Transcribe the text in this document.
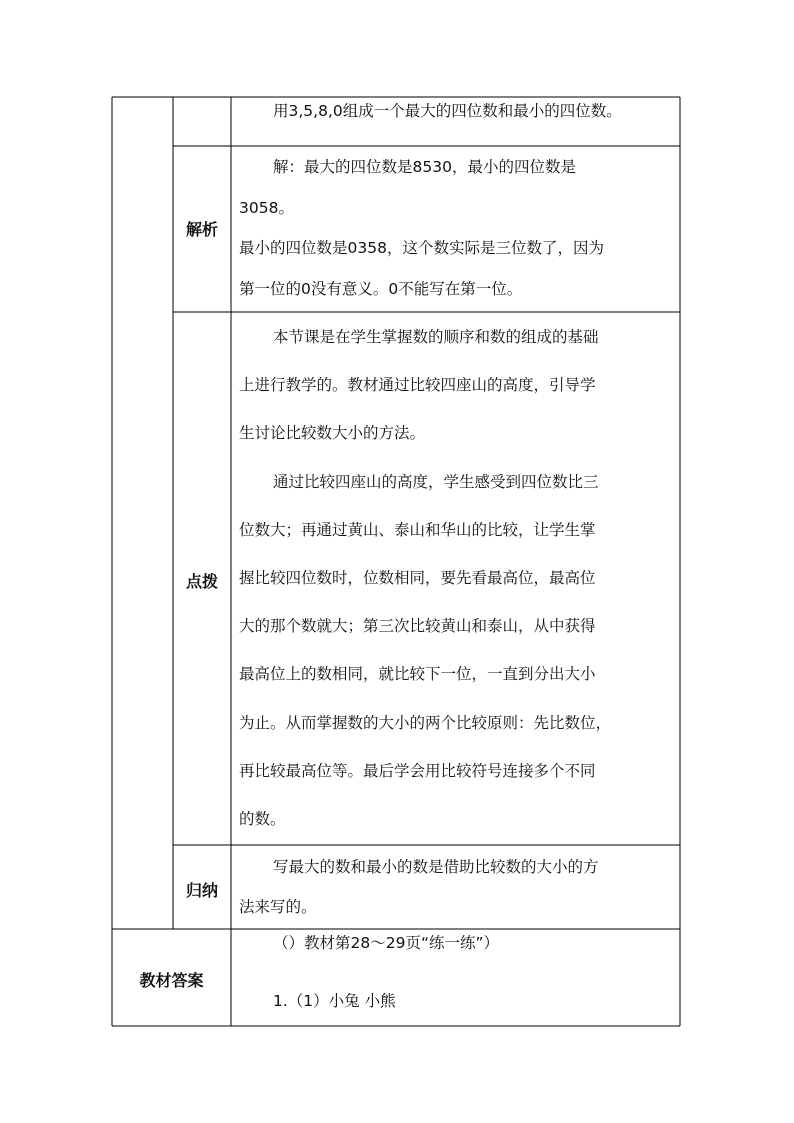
用3,5,8,0组成一个最大的四位数和最小的四位数。

解析

解：最大的四位数是8530，最小的四位数是

3058。

最小的四位数是0358，这个数实际是三位数了，因为

第一位的0没有意义。0不能写在第一位。

点拨

本节课是在学生掌握数的顺序和数的组成的基础

上进行教学的。教材通过比较四座山的高度，引导学

生讨论比较数大小的方法。

通过比较四座山的高度，学生感受到四位数比三

位数大；再通过黄山、泰山和华山的比较，让学生掌

握比较四位数时，位数相同，要先看最高位，最高位

大的那个数就大；第三次比较黄山和泰山，从中获得

最高位上的数相同，就比较下一位，一直到分出大小

为止。从而掌握数的大小的两个比较原则：先比数位，

再比较最高位等。最后学会用比较符号连接多个不同

的数。

归纳

写最大的数和最小的数是借助比较数的大小的方

法来写的。

教材答案

（）教材第28～29页“练一练”）

1.（1）小兔 小熊
